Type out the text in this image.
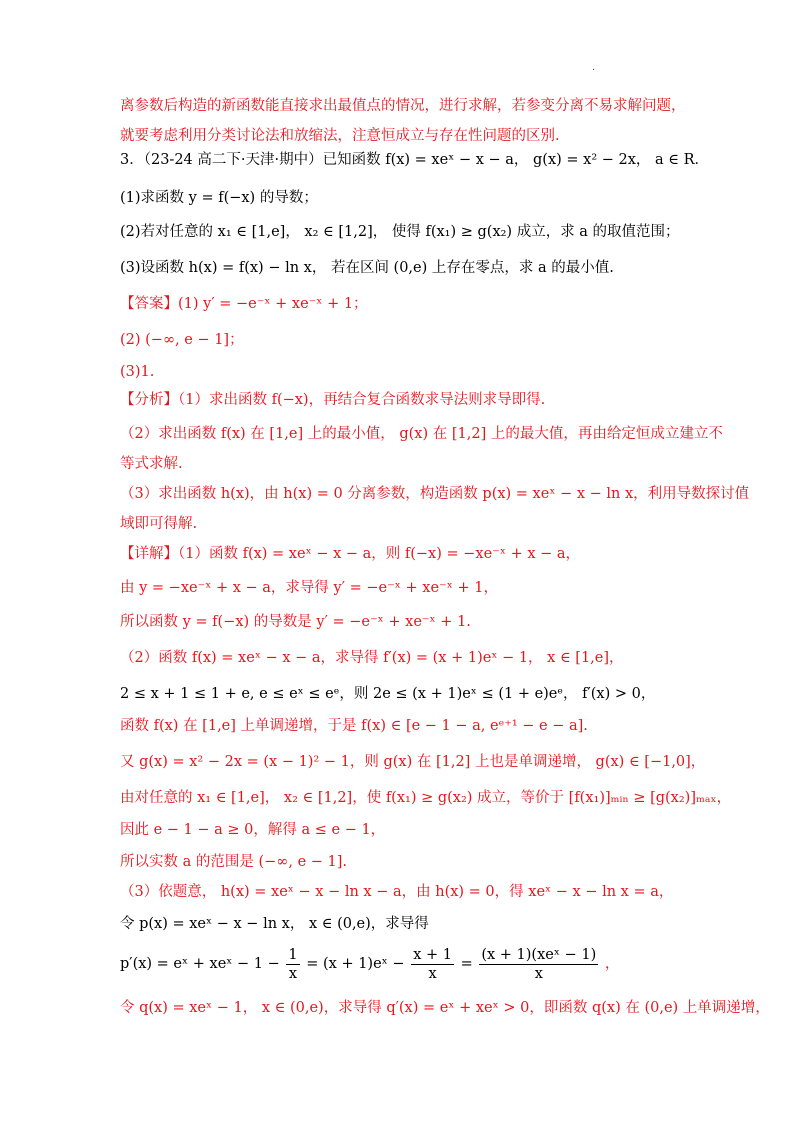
.
离参数后构造的新函数能直接求出最值点的情况，进行求解，若参变分离不易求解问题，
就要考虑利用分类讨论法和放缩法，注意恒成立与存在性问题的区别.
3．（23-24 高二下·天津·期中）已知函数 f(x) = xeˣ − x − a， g(x) = x² − 2x， a ∈ R．
(1)求函数 y = f(−x) 的导数；
(2)若对任意的 x₁ ∈ [1,e]， x₂ ∈ [1,2]， 使得 f(x₁) ≥ g(x₂) 成立，求 a 的取值范围；
(3)设函数 h(x) = f(x) − ln x， 若在区间 (0,e) 上存在零点，求 a 的最小值.
【答案】(1) y′ = −e⁻ˣ + xe⁻ˣ + 1；
(2) (−∞, e − 1]；
(3)1.
【分析】（1）求出函数 f(−x)，再结合复合函数求导法则求导即得.
（2）求出函数 f(x) 在 [1,e] 上的最小值， g(x) 在 [1,2] 上的最大值，再由给定恒成立建立不
等式求解.
（3）求出函数 h(x)，由 h(x) = 0 分离参数，构造函数 p(x) = xeˣ − x − ln x，利用导数探讨值
域即可得解.
【详解】（1）函数 f(x) = xeˣ − x − a，则 f(−x) = −xe⁻ˣ + x − a，
由 y = −xe⁻ˣ + x − a，求导得 y′ = −e⁻ˣ + xe⁻ˣ + 1，
所以函数 y = f(−x) 的导数是 y′ = −e⁻ˣ + xe⁻ˣ + 1.
（2）函数 f(x) = xeˣ − x − a，求导得 f′(x) = (x + 1)eˣ − 1， x ∈ [1,e]，
2 ≤ x + 1 ≤ 1 + e, e ≤ eˣ ≤ eᵉ，则 2e ≤ (x + 1)eˣ ≤ (1 + e)eᵉ， f′(x) > 0，
函数 f(x) 在 [1,e] 上单调递增，于是 f(x) ∈ [e − 1 − a, eᵉ⁺¹ − e − a].
又 g(x) = x² − 2x = (x − 1)² − 1，则 g(x) 在 [1,2] 上也是单调递增， g(x) ∈ [−1,0]，
由对任意的 x₁ ∈ [1,e]， x₂ ∈ [1,2]，使 f(x₁) ≥ g(x₂) 成立，等价于 [f(x₁)]ₘᵢₙ ≥ [g(x₂)]ₘₐₓ，
因此 e − 1 − a ≥ 0，解得 a ≤ e − 1，
所以实数 a 的范围是 (−∞, e − 1].
（3）依题意， h(x) = xeˣ − x − ln x − a，由 h(x) = 0，得 xeˣ − x − ln x = a，
令 p(x) = xeˣ − x − ln x， x ∈ (0,e)，求导得
p′(x) = eˣ + xeˣ − $1 - \frac{1}{x} = (x$ + 1)eˣ − $\frac{x + 1}{x} = \frac{\text{(x + 1)(xeˣ − 1)}}{x}$ ，
令 q(x) = xeˣ − 1， x ∈ (0,e)，求导得 q′(x) = eˣ + xeˣ > 0，即函数 q(x) 在 (0,e) 上单调递增，
